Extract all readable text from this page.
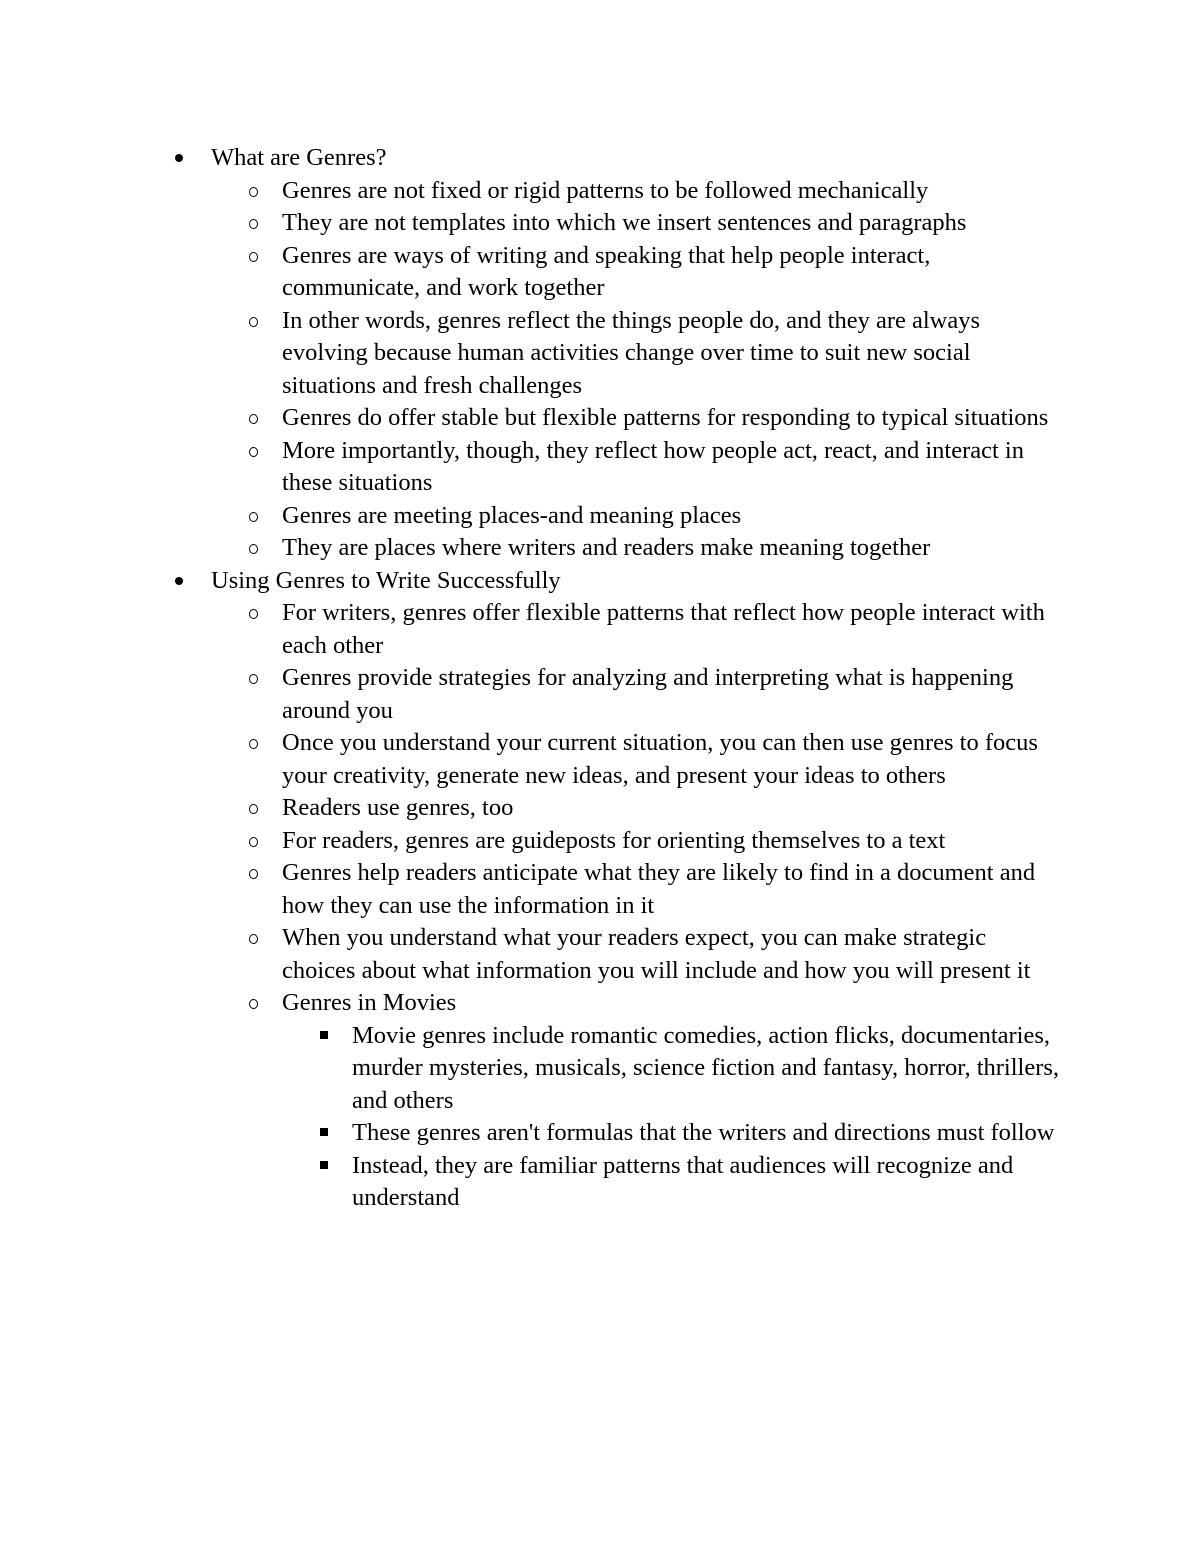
What are Genres?
Genres are not fixed or rigid patterns to be followed mechanically
They are not templates into which we insert sentences and paragraphs
Genres are ways of writing and speaking that help people interact, communicate, and work together
In other words, genres reflect the things people do, and they are always evolving because human activities change over time to suit new social situations and fresh challenges
Genres do offer stable but flexible patterns for responding to typical situations
More importantly, though, they reflect how people act, react, and interact in these situations
Genres are meeting places-and meaning places
They are places where writers and readers make meaning together
Using Genres to Write Successfully
For writers, genres offer flexible patterns that reflect how people interact with each other
Genres provide strategies for analyzing and interpreting what is happening around you
Once you understand your current situation, you can then use genres to focus your creativity, generate new ideas, and present your ideas to others
Readers use genres, too
For readers, genres are guideposts for orienting themselves to a text
Genres help readers anticipate what they are likely to find in a document and how they can use the information in it
When you understand what your readers expect, you can make strategic choices about what information you will include and how you will present it
Genres in Movies
Movie genres include romantic comedies, action flicks, documentaries, murder mysteries, musicals, science fiction and fantasy, horror, thrillers, and others
These genres aren't formulas that the writers and directions must follow
Instead, they are familiar patterns that audiences will recognize and understand
